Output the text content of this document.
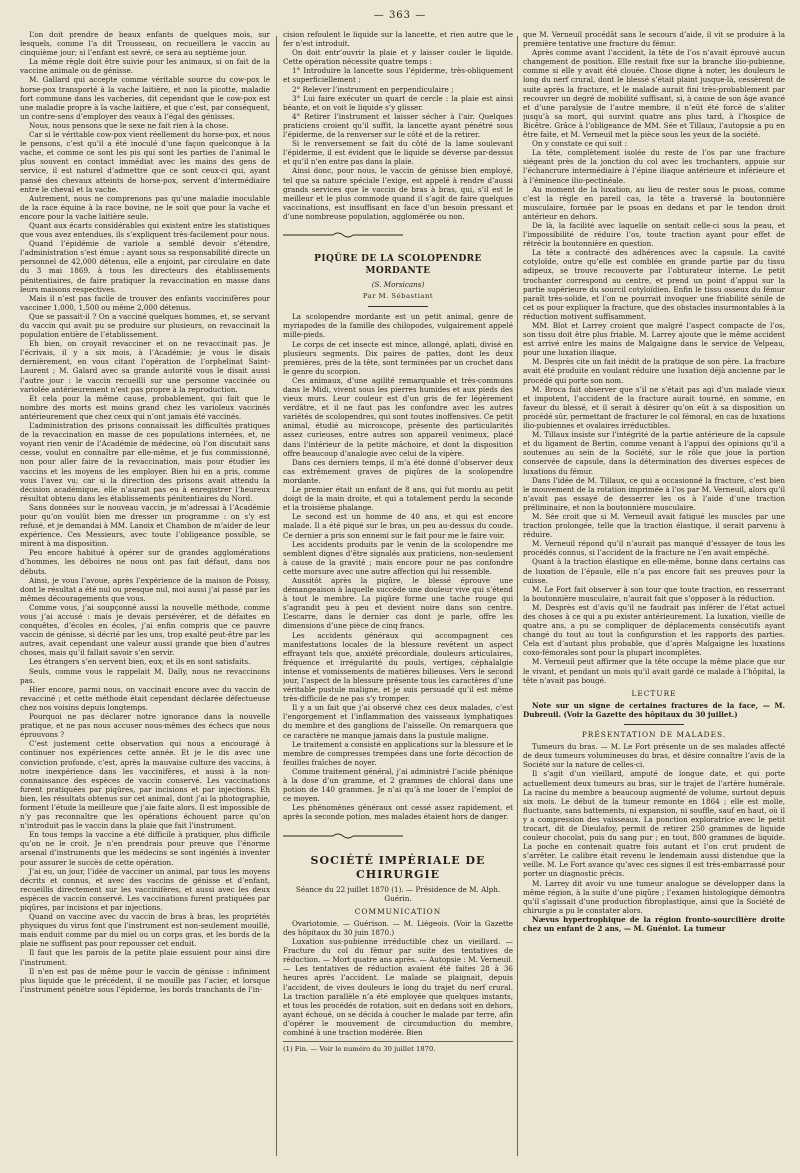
— 363 —

L’on doit prendre de beaux enfants de quelques mois, sur lesquels, comme l’a dit Trousseau, on recueillera le vaccin au cinquième jour; si l’enfant est sevré, ce sera au septième jour.

La même règle doit être suivie pour les animaux, si on fait de la vaccine animale ou de génisse.

M. Gallard qui accepte comme véritable source du cow-pox le horse-pox transporté à la vache laitière, et non la picotte, maladie fort commune dans les vacheries, dit cependant que le cow-pox est une maladie propre à la vache laitière, et que c’est, par conséquent, un contre-sens d’employer des veaux à l’égal des génisses.

Nous, nous pensons que le sexe ne fait rien à la chose.

Car si le véritable cow-pox vient réellement du horse-pox, et nous le pensons, c’est qu’il a été inoculé d’une façon quelconque à la vache, et comme ce sont les pis qui sont les parties de l’animal le plus souvent en contact immédiat avec les mains des gens de service, il est naturel d’admettre que ce sont ceux-ci qui, ayant pansé des chevaux atteints de horse-pox, servent d’intermédiaire entre le cheval et la vache.

Autrement, nous ne comprenons pas qu’une maladie inoculable de la race équine à la race bovine, ne le soit que pour la vache et encore pour la vache laitière seule.

Quant aux écarts considérables qui existent entre les statistiques que vous avez entendues, ils s’expliquent très-facilement pour nous.

Quand l’épidémie de variole a semblé devoir s’étendre, l’administration s’est émue : ayant sous sa responsabilité directe un personnel de 42,000 détenus, elle a enjoint, par circulaire en date du 3 mai 1869, à tous les directeurs des établissements pénitentiaires, de faire pratiquer la revaccination en masse dans leurs maisons respectives.

Mais il n’est pas facile de trouver des enfants vaccinifères pour vacciner 1,000, 1,500 ou même 2,000 détenus.

Que se passait-il ? On a vacciné quelques hommes, et, se servant du vaccin qui avait pu se produire sur plusieurs, on revaccinait la population entière de l’établissement.

Eh bien, on croyait revacciner et on ne revaccinait pas. Je l’écrivais, il y a six mois, à l’Académie; je vous le disais dernièrement, en vous citant l’opération de l’orphelinat Saint-Laurent ; M. Galard avec sa grande autorité vous le disait aussi l’autre jour : le vaccin recueilli sur une personne vaccinée ou variolée antérieurement n’est pas propre à la reproduction.

Et cela pour la même cause, probablement, qui fait que le nombre des morts est moins grand chez les varioleux vaccinés antérieurement que chez ceux qui n’ont jamais été vaccinés.

L’administration des prisons connaissait les difficultés pratiques de la revaccination en masse de ces populations internées, et, ne voyant rien venir de l’Académie de médecine, où l’on discutait sans cesse, voulut en connaître par elle-même, et je fus commissionné, non pour aller faire de la revaccination, mais pour étudier les vaccins et les moyens de les employer. Bien lui en a pris, comme vous l’avez vu; car si la direction des prisons avait attendu la décision académique, elle n’aurait pas eu à enregistrer l’heureux résultat obtenu dans les établissements pénitentiaires du Nord.

Sans données sur le nouveau vaccin, je m’adressai à l’Académie pour qu’on voulût bien me dresser un programme : on s’y est refusé, et je demandai à MM. Lanoix et Chambon de m’aider de leur expérience. Ces Messieurs, avec toute l’obligeance possible, se mirent à ma disposition.

Peu encore habitué à opérer sur de grandes agglomérations d’hommes, les déboires ne nous ont pas fait défaut, dans nos débuts.

Ainsi, je vous l’avoue, après l’expérience de la maison de Poissy, dont le résultat a été nul ou presque nul, moi aussi j’ai passé par les mêmes découragements que vous.

Comme vous, j’ai soupçonné aussi la nouvelle méthode, comme vous j’ai accusé : mais je devais persévérer, et de défaites en conquêtes, d’écoles en écoles, j’ai enfin compris que ce pauvre vaccin de génisse, si décrié par les uns, trop exalté peut-être par les autres, avait cependant une valeur aussi grande que bien d’autres choses, mais qu’il fallait savoir s’en servir.

Les étrangers s’en servent bien, eux; et ils en sont satisfaits.

Seuls, comme vous le rappelait M. Dally, nous ne revaccinons pas.

Hier encore, parmi nous, on vaccinait encore avec du vaccin de revacciné ; et cette méthode était cependant déclarée défectueuse chez nos voisins depuis longtemps.

Pourquoi ne pas déclarer notre ignorance dans la nouvelle pratique, et ne pas nous accuser nous-mêmes des échecs que nous éprouvons ?

C’est justement cette observation qui nous a encouragé à continuer nos expériences cette année. Et je le dis avec une conviction profonde, c’est, après la mauvaise culture des vaccins, à notre inexpérience dans les vaccinifères, et aussi à la non-connaissance des espèces de vaccin conservé. Les vaccinations furent pratiquées par piqûres, par incisions et par injections. Eh bien, les résultats obtenus sur cet animal, dont j’ai la photographie, forment l’étude la meilleure que j’aie faite alors. Il est impossible de n’y pas reconnaître que les opérations échouent parce qu’on n’introduit pas le vaccin dans la plaie que fait l’instrument.

En tous temps la vaccine a été difficile à pratiquer, plus difficile qu’on ne le croit. Je n’en prendrais pour preuve que l’énorme arsenal d’instruments que les médecins se sont ingéniés à inventer pour assurer le succès de cette opération.

J’ai eu, un jour, l’idée de vacciner un animal, par tous les moyens décrits et connus, et avec des vaccins de génisse et d’enfant, recueillis directement sur les vaccinifères, et aussi avec les deux espèces de vaccin conservé. Les vaccinations furent pratiquées par piqûres, par incisions et par injections.

Quand on vaccine avec du vaccin de bras à bras, les propriétés physiques du virus font que l’instrument est non-seulement mouillé, mais enduit comme par du miel ou un corps gras, et les bords de la plaie ne suffisent pas pour repousser cet enduit.

Il faut que les parois de la petite plaie essuient pour ainsi dire l’instrument.

Il n’en est pas de même pour le vaccin de génisse : infiniment plus liquide que le précédent, il ne mouille pas l’acier, et lorsque l’instrument pénètre sous l’épiderme, les bords tranchants de l’in-

cision refoulent le liquide sur la lancette, et rien autre que le fer n’est introduit.

On doit entr’ouvrir la plaie et y laisser couler le liquide. Cette opération nécessite quatre temps :

1° Introduire la lancette sous l’épiderme, très-obliquement et superficiellement ;

2° Relever l’instrument en perpendiculaire ;

3° Lui faire exécuter un quart de cercle : la plaie est ainsi béante, et on voit le liquide s’y glisser.

4° Retirer l’instrument et laisser sécher à l’air. Quelques praticiens croient qu’il suffit, la lancette ayant pénétré sous l’épiderme, de la renverser sur le côté et de la retirer.

Si le renversement se fait du côté de la lame soulevant l’épiderme, il est évident que le liquide se déverse par-dessus et qu’il n’en entre pas dans la plaie.

Ainsi donc, pour nous, le vaccin de génisse bien employé, tel que sa nature spéciale l’exige, est appelé à rendre d’aussi grands services que le vaccin de bras à bras, qui, s’il est le meilleur et le plus commode quand il s’agit de faire quelques vaccinations, est insuffisant en face d’un besoin pressant et d’une nombreuse population, agglomérée ou non.

PIQÛRE DE LA SCOLOPENDRE MORDANTE
(S. Morsicans)
Par M. Sébastiant

La scolopendre mordante est un petit animal, genre de myriapodes de la famille des chilopodes, vulgairement appelé mille-pieds.

Le corps de cet insecte est mince, allongé, aplati, divisé en plusieurs segments. Dix paires de pattes, dont les deux premières, près de la tête, sont terminées par un crochet dans le genre du scorpion.

Ces animaux, d’une agilité remarquable et très-communs dans le Midi, vivent sous les pierres humides et aux pieds des vieux murs. Leur couleur est d’un gris de fer légèrement verdâtre, et il ne faut pas les confondre avec les autres variétés de scolopendres, qui sont toutes inoffensives. Ce petit animal, étudié au microscope, présente des particularités assez curieuses, entre autres son appareil venimeux, placé dans l’intérieur de la petite mâchoire, et dont la disposition offre beaucoup d’analogie avec celui de la vipère.

Dans ces derniers temps, il m’a été donné d’observer deux cas extrêmement graves de piqûres de la scolopendre mordante.

Le premier était un enfant de 8 ans, qui fut mordu au petit doigt de la main droite, et qui a totalement perdu la seconde et la troisième phalange.

Le second est un homme de 40 ans, et qui est encore malade. Il a été piqué sur le bras, un peu au-dessus du coude. Ce dernier a pris son ennemi sur le fait pour me le faire voir.

Les accidents produits par le venin de la scolopendre me semblent dignes d’être signalés aux praticiens, non-seulement à cause de la gravité ; mais encore pour ne pas confondre cette morsure avec une autre affection qui lui ressemble.

Aussitôt après la piqûre, le blessé éprouve une démangeaison à laquelle succède une douleur vive qui s’étend à tout le membre. La piqûre forme une tache rouge qui s’agrandit peu à peu et devient noire dans son centre. L’escarre, dans le dernier cas dont je parle, offre les dimensions d’une pièce de cinq francs.

Les accidents généraux qui accompagnent ces manifestations locales de la blessure revêtent un aspect effrayant tels que, anxiété précordiale, douleurs articulaires, fréquence et irrégularité du pouls, vertiges, céphalalgie intense et vomissements de matières bilieuses. Vers le second jour, l’aspect de la blessure présente tous les caractères d’une véritable pustule maligne, et je suis persuadé qu’il est même très-difficile de ne pas s’y tromper.

Il y a un fait que j’ai observé chez ces deux malades, c’est l’engorgement et l’inflammation des vaisseaux lymphatiques du membre et des ganglions de l’aisselle. On remarquera que ce caractère ne manque jamais dans la pustule maligne.

Le traitement a consisté en applications sur la blessure et le membre de compresses trempées dans une forte décoction de feuilles fraîches de noyer.

Comme traitement général, j’ai administré l’acide phénique à la dose d’un gramme, et 2 grammes de chloral dans une potion de 140 grammes. Je n’ai qu’à me louer de l’emploi de ce moyen.

Les phénomènes généraux ont cessé assez rapidement, et après la seconde potion, mes malades étaient hors de danger.

SOCIÉTÉ IMPÉRIALE DE CHIRURGIE

Séance du 22 juillet 1870 (1). — Présidence de M. Alph. Guérin.

COMMUNICATION

Ovariotomie. — Guérison. — M. Liégeois. (Voir la Gazette des hôpitaux du 30 juin 1870.)

Luxation sus-pubienne irréductible chez un vieillard. — Fracture du col du fémur par suite des tentatives de réduction. — Mort quatre ans après. — Autopsie : M. Verneuil. — Les tentatives de réduction avaient été faites 28 à 36 heures après l’accident. Le malade se plaignait, depuis l’accident, de vives douleurs le long du trajet du nerf crural. La traction parallèle n’a été employée que quelques instants, et tous les procédés de rotation, soit en dedans soit en dehors, ayant échoué, on se décida à coucher le malade par terre, afin d’opérer le mouvement de circumduction du membre, combiné à une traction modérée. Bien

(1) Fin. — Voir le numéro du 30 juillet 1870.

que M. Verneuil procédât sans le secours d’aide, il vit se produire à la première tentative une fracture du fémur.

Après comme avant l’accident, la tête de l’os n’avait éprouvé aucun changement de position. Elle restait fixe sur la branche ilio-pubienne, comme si elle y avait été clouée. Chose digne à noter, les douleurs le long du nerf crural, dont le blessé s’était plaint jusque-là, cessèrent de suite après la fracture, et le malade aurait fini très-probablement par recouvrer un degré de mobilité suffisant, si, à cause de son âge avancé et d’une paralysie de l’autre membre, il n’eût été forcé de s’aliter jusqu’à sa mort, qui survint quatre ans plus tard, à l’hospice de Bicêtre. Grâce à l’obligeance de MM. Sée et Tillaux, l’autopsie a pu en être faite, et M. Verneuil met la pièce sous les yeux de la société.

On y constate ce qui suit :

La tête, complètement isolée du reste de l’os par une fracture siégeant près de la jonction du col avec les trochanters, appuie sur l’échancrure intermédiaire à l’épine iliaque antérieure et inférieure et à l’éminence ilio-pectinéale.

Au moment de la luxation, au lieu de rester sous le psoas, comme c’est la règle en pareil cas, la tête a traversé la boutonnière musculaire, formée par le psoas en dedans et par le tendon droit antérieur en dehors.

De là, la facilité avec laquelle on sentait celle-ci sous la peau, et l’impossibilité de réduire l’os, toute traction ayant pour effet de rétrécir la boutonnière en question.

La tête a contracté des adhérences avec la capsule. La cavité cotyloïde, outre qu’elle est comblée en grande partie par du tissu adipeux, se trouve recouverte par l’obturateur interne. Le petit trochanter correspond au centre, et prend un point d’appui sur la partie supérieure du sourcil cotyloïdien. Enfin le tissu osseux du fémur paraît très-solide, et l’on ne pourrait invoquer une friabilité sénile de cet os pour expliquer la fracture, que des obstacles insurmontables à la réduction motivent suffisamment.

MM. Blot et Larrey croient que malgré l’aspect compacte de l’os, son tissu doit être plus friable. M. Larrey ajoute que le même accident est arrivé entre les mains de Malgaigne dans le service de Velpeau, pour une luxation iliaque.

M. Desprès cite un fait inédit de la pratique de son père. La fracture avait été produite en voulant réduire une luxation déjà ancienne par le procédé qui porte son nom.

M. Broca fait observer que s’il ne s’était pas agi d’un malade vieux et impotent, l’accident de la fracture aurait tourné, en somme, en faveur du blessé, et il serait à désirer qu’on eût à sa disposition un procédé sûr, permettant de fracturer le col fémoral, en cas de luxations ilio-pubiennes et ovalaires irréductibles.

M. Tillaux insiste sur l’intégrité de la partie antérieure de la capsule et du ligament de Bertin, comme venant à l’appui des opinions qu’il a soutenues au sein de la Société, sur le rôle que joue la portion conservée de capsule, dans la détermination des diverses espèces de luxations du fémur.

Dans l’idée de M. Tillaux, ce qui a occasionné la fracture, c’est bien le mouvement de la rotation imprimée à l’os par M. Verneuil, alors qu’il n’avait pas essayé de desserrer les os à l’aide d’une traction préliminaire, et non la boutonnière musculaire.

M. Sée croit que si M. Verneuil avait fatigué les muscles par une traction prolongée, telle que la traction élastique, il serait parvenu à réduire.

M. Verneuil répond qu’il n’aurait pas manqué d’essayer de tous les procédés connus, si l’accident de la fracture ne l’en avait empêché.

Quant à la traction élastique en elle-même, bonne dans certains cas de luxation de l’épaule, elle n’a pas encore fait ses preuves pour la cuisse.

M. Le Fort fait observer à son tour que toute traction, en resserrant la boutonnière musculaire, n’aurait fait que s’opposer à la réduction.

M. Desprès est d’avis qu’il ne faudrait pas inférer de l’état actuel des choses à ce qui a pu exister antérieurement. La luxation, vieille de quatre ans, a pu se compliquer de déplacements consécutifs ayant changé du tout au tout la configuration et les rapports des parties. Cela est d’autant plus probable, que d’après Malgaigne les luxations coxo-fémorales sont pour la plupart incomplètes.

M. Verneuil peut affirmer que la tête occupe la même place que sur le vivant, et pendant un mois qu’il avait gardé ce malade à l’hôpital, la tête n’avait pas bougé.

LECTURE

Note sur un signe de certaines fractures de la face, — M. Dubreuil. (Voir la Gazette des hôpitaux du 30 juillet.)

PRÉSENTATION DE MALADES.

Tumeurs du bras. — M. Le Fort présente un de ses malades affecté de deux tumeurs volumineuses du bras, et désire connaître l’avis de la Société sur la nature de celles-ci.

Il s’agit d’un vieillard, amputé de longue date, et qui porte actuellement deux tumeurs au bras, sur le trajet de l’artère humérale. La racine du membre a beaucoup augmenté de volume, surtout depuis six mois. Le début de la tumeur remonte en 1864 ; elle est molle, fluctuante, sans battements, ni expansion, ni souffle, sauf en haut, où il y a compression des vaisseaux. La ponction exploratrice avec le petit trocart, dit de Dieulafoy, permit de retirer 250 grammes de liquide couleur chocolat, puis du sang pur ; en tout, 800 grammes de liquide. La poche en contenait quatre fois autant et l’on crut prudent de s’arrêter. Le calibre était revenu le lendemain aussi distendue que la veille. M. Le Fort avance qu’avec ces signes il est très-embarrassé pour porter un diagnostic précis.

M. Larrey dit avoir vu une tumeur analogue se développer dans la même région, à la suite d’une piqûre ; l’examen histologique démontra qu’il s’agissait d’une production fibroplastique, ainsi que la Société de chirurgie a pu le constater alors.

Nævus hypertrophique de la région fronto-sourcilière droite chez un enfant de 2 ans, — M. Guéniot. La tumeur
